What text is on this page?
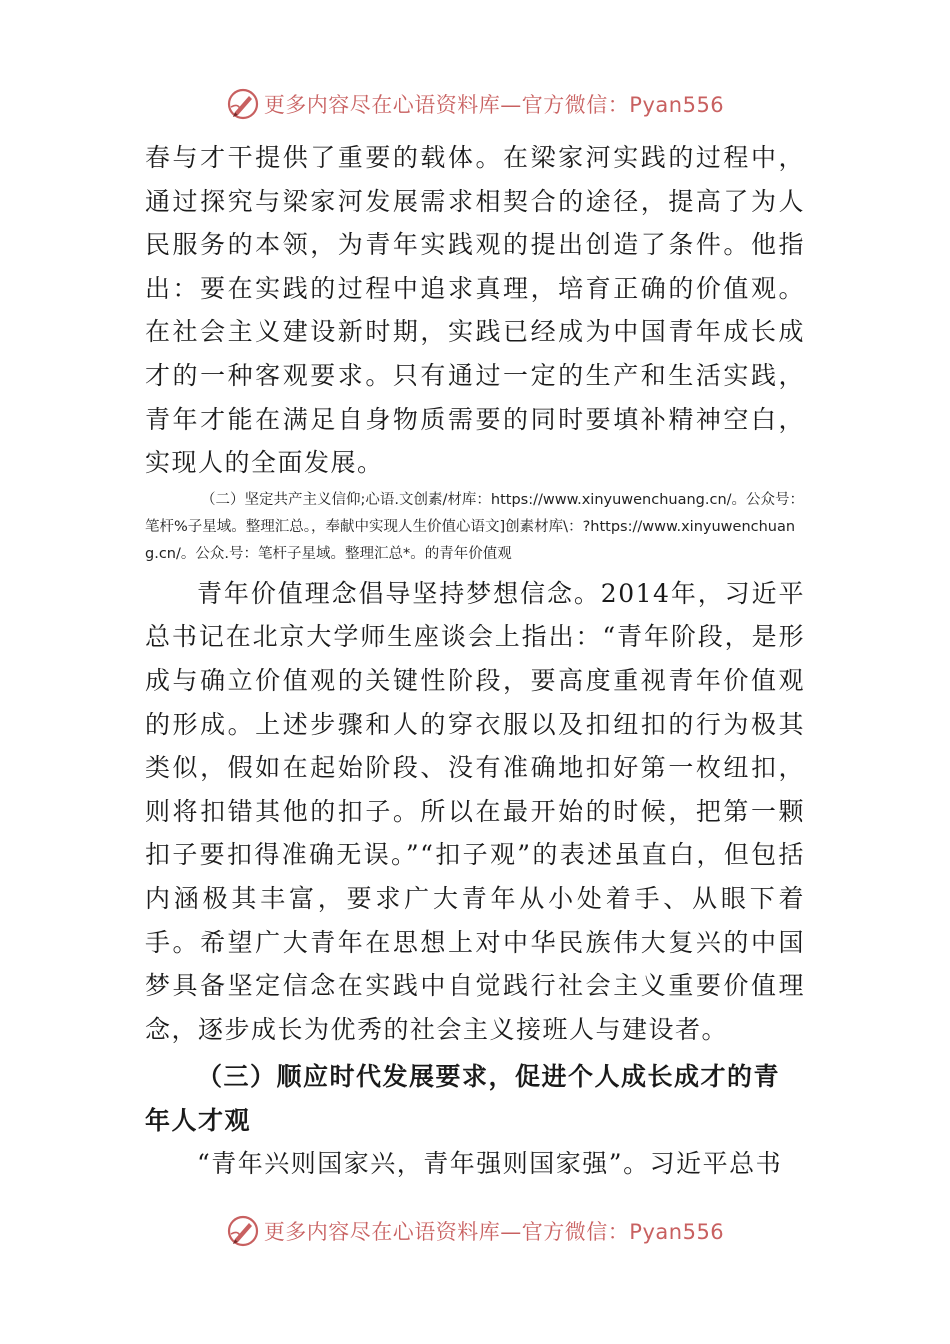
更多内容尽在心语资料库—官方微信：Pyan556

春与才干提供了重要的载体。在梁家河实践的过程中，通过探究与梁家河发展需求相契合的途径，提高了为人民服务的本领，为青年实践观的提出创造了条件。他指出：要在实践的过程中追求真理，培育正确的价值观。在社会主义建设新时期，实践已经成为中国青年成长成才的一种客观要求。只有通过一定的生产和生活实践，青年才能在满足自身物质需要的同时要填补精神空白，实现人的全面发展。

（二）坚定共产主义信仰;心语.文创素/材库：https://www.xinyuwenchuang.cn/。公众号：笔杆%子星域。整理汇总。，奉献中实现人生价值心语文]创素材库\：?https://www.xinyuwenchuang.cn/。公众.号：笔杆子星域。整理汇总*。的青年价值观

青年价值理念倡导坚持梦想信念。2014年，习近平总书记在北京大学师生座谈会上指出：“青年阶段，是形成与确立价值观的关键性阶段，要高度重视青年价值观的形成。上述步骤和人的穿衣服以及扣纽扣的行为极其类似，假如在起始阶段、没有准确地扣好第一枚纽扣，则将扣错其他的扣子。所以在最开始的时候，把第一颗扣子要扣得准确无误。”“扣子观”的表述虽直白，但包括内涵极其丰富，要求广大青年从小处着手、从眼下着手。希望广大青年在思想上对中华民族伟大复兴的中国梦具备坚定信念在实践中自觉践行社会主义重要价值理念，逐步成长为优秀的社会主义接班人与建设者。

（三）顺应时代发展要求，促进个人成长成才的青年人才观

“青年兴则国家兴，青年强则国家强”。习近平总书

更多内容尽在心语资料库—官方微信：Pyan556
